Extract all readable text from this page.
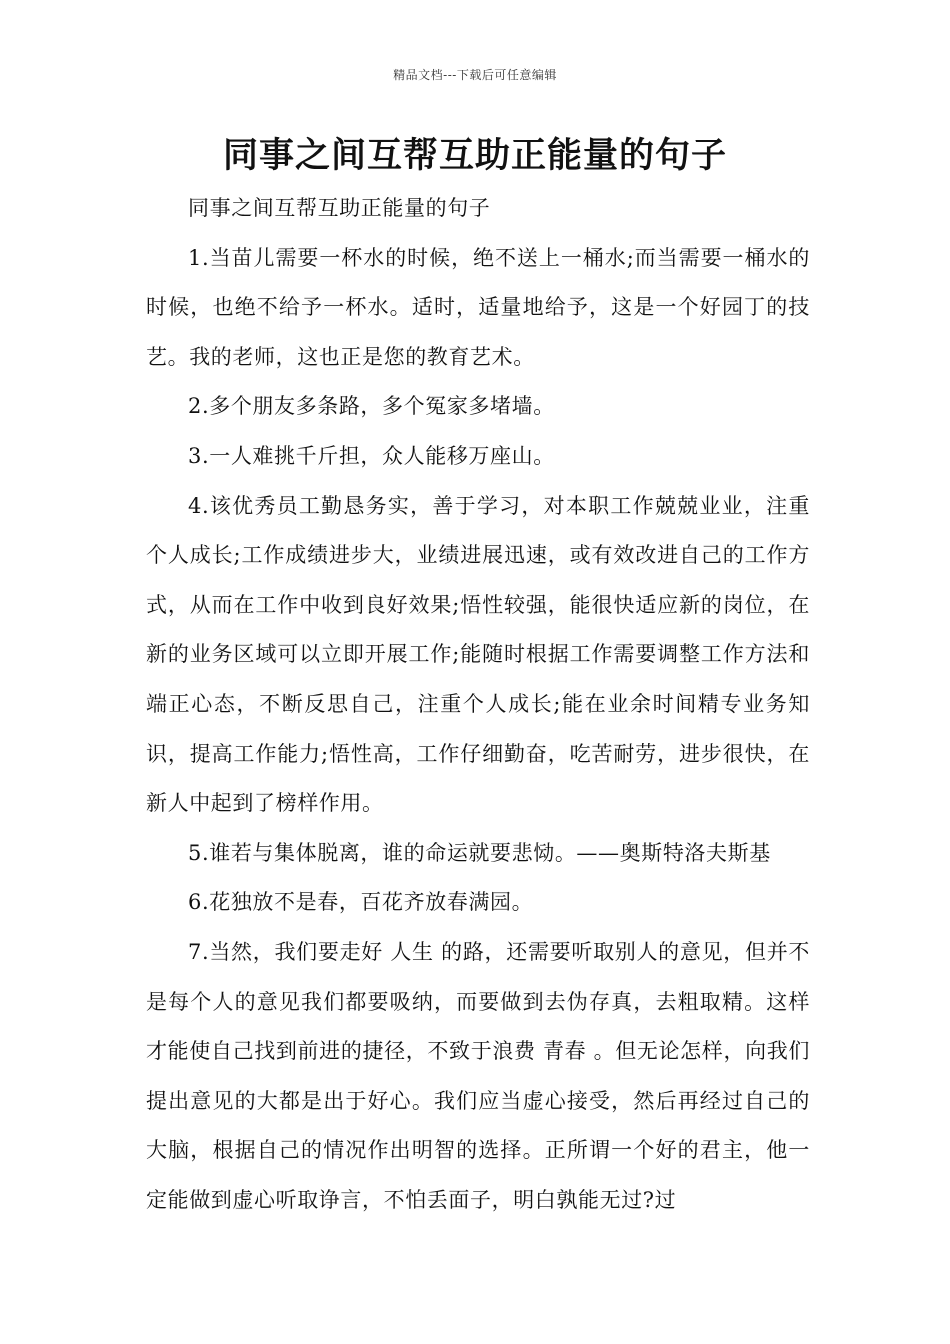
精品文档---下载后可任意编辑
同事之间互帮互助正能量的句子

同事之间互帮互助正能量的句子

1.当苗儿需要一杯水的时候，绝不送上一桶水;而当需要一桶水的时候，也绝不给予一杯水。适时，适量地给予，这是一个好园丁的技艺。我的老师，这也正是您的教育艺术。

2.多个朋友多条路，多个冤家多堵墙。

3.一人难挑千斤担，众人能移万座山。

4.该优秀员工勤恳务实，善于学习，对本职工作兢兢业业，注重个人成长;工作成绩进步大，业绩进展迅速，或有效改进自己的工作方式，从而在工作中收到良好效果;悟性较强，能很快适应新的岗位，在新的业务区域可以立即开展工作;能随时根据工作需要调整工作方法和端正心态，不断反思自己，注重个人成长;能在业余时间精专业务知识，提高工作能力;悟性高，工作仔细勤奋，吃苦耐劳，进步很快，在新人中起到了榜样作用。

5.谁若与集体脱离，谁的命运就要悲恸。——奥斯特洛夫斯基

6.花独放不是春，百花齐放春满园。

7.当然，我们要走好 人生 的路，还需要听取别人的意见，但并不是每个人的意见我们都要吸纳，而要做到去伪存真，去粗取精。这样才能使自己找到前进的捷径，不致于浪费 青春 。但无论怎样，向我们提出意见的大都是出于好心。我们应当虚心接受，然后再经过自己的大脑，根据自己的情况作出明智的选择。正所谓一个好的君主，他一定能做到虚心听取诤言，不怕丢面子，明白孰能无过?过
